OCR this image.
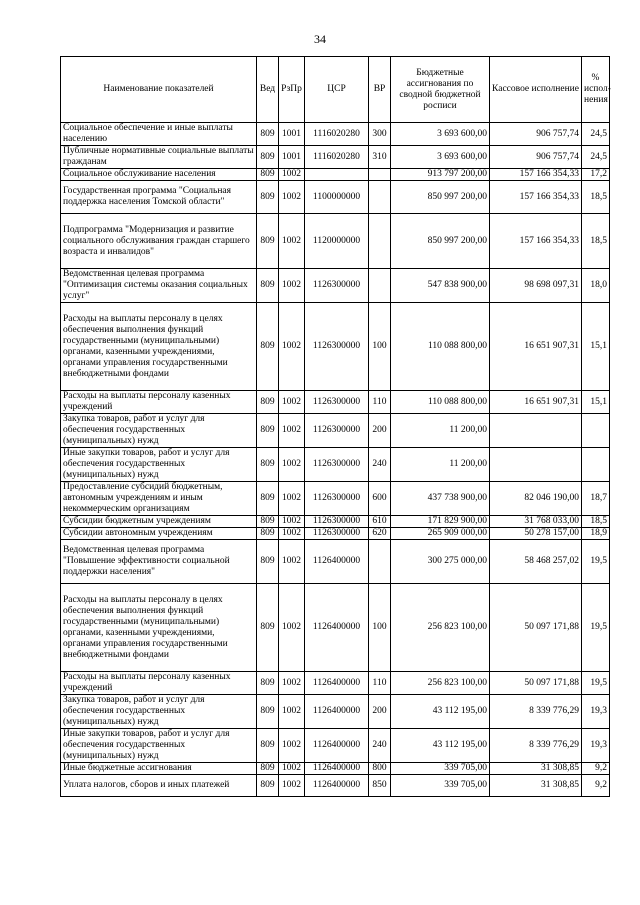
34
Наименование показателей	Вед	РзПр	ЦСР	ВР	Бюджетные ассигнования по сводной бюджетной росписи	Кассовое исполнение	% испол-нения
Социальное обеспечение и иные выплаты населению	809	1001	1116020280	300	3 693 600,00	906 757,74	24,5
Публичные нормативные социальные выплаты гражданам	809	1001	1116020280	310	3 693 600,00	906 757,74	24,5
Социальное обслуживание населения	809	1002			913 797 200,00	157 166 354,33	17,2
Государственная программа "Социальная поддержка населения Томской области"	809	1002	1100000000		850 997 200,00	157 166 354,33	18,5
Подпрограмма "Модернизация и развитие социального обслуживания граждан старшего возраста и инвалидов"	809	1002	1120000000		850 997 200,00	157 166 354,33	18,5
Ведомственная целевая программа "Оптимизация системы оказания социальных услуг"	809	1002	1126300000		547 838 900,00	98 698 097,31	18,0
Расходы на выплаты персоналу в целях обеспечения выполнения функций государственными (муниципальными) органами, казенными учреждениями, органами управления государственными внебюджетными фондами	809	1002	1126300000	100	110 088 800,00	16 651 907,31	15,1
Расходы на выплаты персоналу казенных учреждений	809	1002	1126300000	110	110 088 800,00	16 651 907,31	15,1
Закупка товаров, работ и услуг для обеспечения государственных (муниципальных) нужд	809	1002	1126300000	200	11 200,00		
Иные закупки товаров, работ и услуг для обеспечения государственных (муниципальных) нужд	809	1002	1126300000	240	11 200,00		
Предоставление субсидий бюджетным, автономным учреждениям и иным некоммерческим организациям	809	1002	1126300000	600	437 738 900,00	82 046 190,00	18,7
Субсидии бюджетным учреждениям	809	1002	1126300000	610	171 829 900,00	31 768 033,00	18,5
Субсидии автономным учреждениям	809	1002	1126300000	620	265 909 000,00	50 278 157,00	18,9
Ведомственная целевая программа "Повышение эффективности социальной поддержки населения"	809	1002	1126400000		300 275 000,00	58 468 257,02	19,5
Расходы на выплаты персоналу в целях обеспечения выполнения функций государственными (муниципальными) органами, казенными учреждениями, органами управления государственными внебюджетными фондами	809	1002	1126400000	100	256 823 100,00	50 097 171,88	19,5
Расходы на выплаты персоналу казенных учреждений	809	1002	1126400000	110	256 823 100,00	50 097 171,88	19,5
Закупка товаров, работ и услуг для обеспечения государственных (муниципальных) нужд	809	1002	1126400000	200	43 112 195,00	8 339 776,29	19,3
Иные закупки товаров, работ и услуг для обеспечения государственных (муниципальных) нужд	809	1002	1126400000	240	43 112 195,00	8 339 776,29	19,3
Иные бюджетные ассигнования	809	1002	1126400000	800	339 705,00	31 308,85	9,2
Уплата налогов, сборов и иных платежей	809	1002	1126400000	850	339 705,00	31 308,85	9,2
